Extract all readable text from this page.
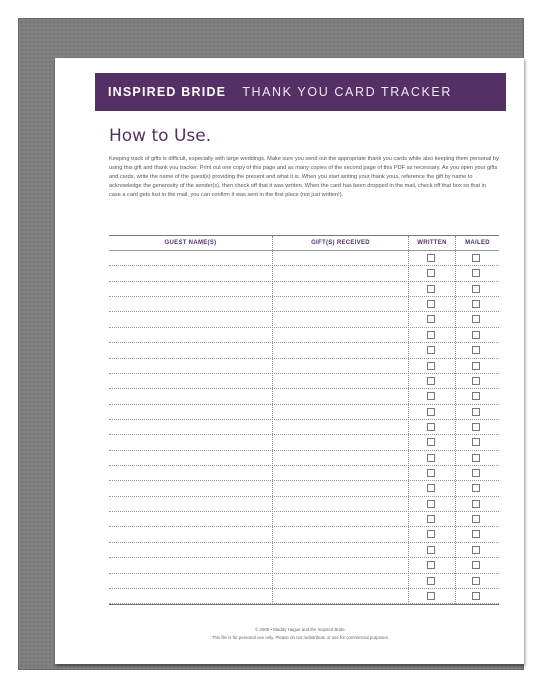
INSPIRED BRIDE THANK YOU CARD TRACKER
How to Use.
Keeping track of gifts is difficult, especially with large weddings. Make sure you send out the appropriate thank you cards while also keeping them personal by using this gift and thank you tracker. Print out one copy of this page and as many copies of the second page of this PDF as necessary. As you open your gifts and cards, write the name of the guest(s) providing the present and what it is. When you start writing your thank yous, reference the gift by name to acknowledge the generosity of the sender(s), then check off that it was written. When the card has been dropped in the mail, check off that box so that in case a card gets lost in the mail, you can confirm it was sent in the first place (not just written!).
GUEST NAME(S)	GIFT(S) RECEIVED	WRITTEN	MAILED
© 2009 • Maddy Hague and the Inspired Bride.
This file is for personal use only. Please do not redistribute or use for commercial purposes.
